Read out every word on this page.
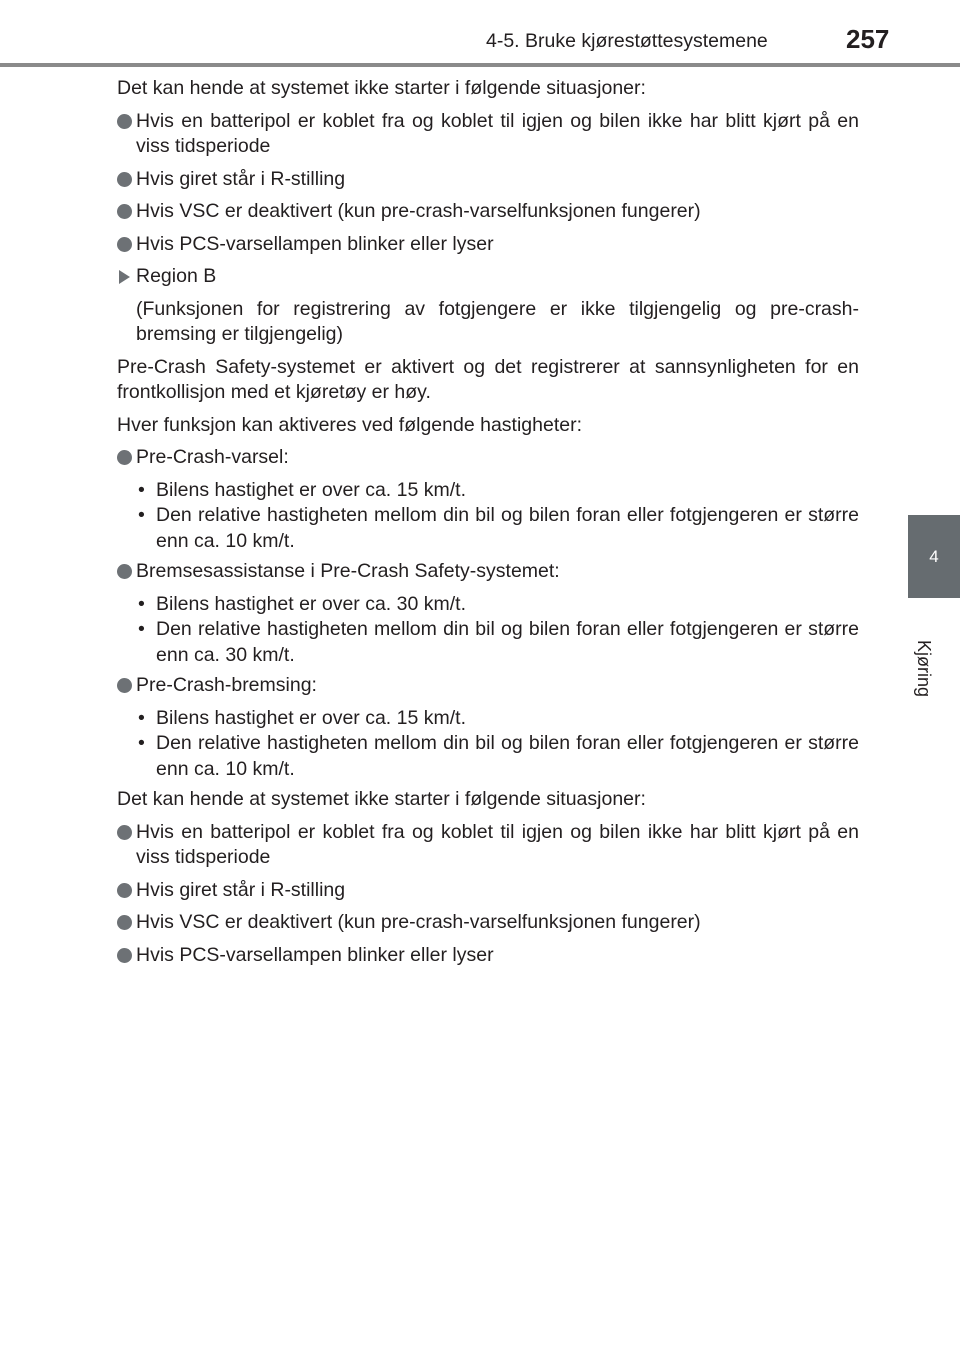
4-5. Bruke kjørestøttesystemene	257
4
Kjøring

Det kan hende at systemet ikke starter i følgende situasjoner:

Hvis en batteripol er koblet fra og koblet til igjen og bilen ikke har blitt kjørt på en viss tidsperiode
Hvis giret står i R-stilling
Hvis VSC er deaktivert (kun pre-crash-varselfunksjonen fungerer)
Hvis PCS-varsellampen blinker eller lyser
Region B

(Funksjonen for registrering av fotgjengere er ikke tilgjengelig og pre-crash-bremsing er tilgjengelig)

Pre-Crash Safety-systemet er aktivert og det registrerer at sannsynligheten for en frontkollisjon med et kjøretøy er høy.

Hver funksjon kan aktiveres ved følgende hastigheter:

Pre-Crash-varsel:
• Bilens hastighet er over ca. 15 km/t.
• Den relative hastigheten mellom din bil og bilen foran eller fotgjengeren er større enn ca. 10 km/t.
Bremsesassistanse i Pre-Crash Safety-systemet:
• Bilens hastighet er over ca. 30 km/t.
• Den relative hastigheten mellom din bil og bilen foran eller fotgjengeren er større enn ca. 30 km/t.
Pre-Crash-bremsing:
• Bilens hastighet er over ca. 15 km/t.
• Den relative hastigheten mellom din bil og bilen foran eller fotgjengeren er større enn ca. 10 km/t.

Det kan hende at systemet ikke starter i følgende situasjoner:

Hvis en batteripol er koblet fra og koblet til igjen og bilen ikke har blitt kjørt på en viss tidsperiode
Hvis giret står i R-stilling
Hvis VSC er deaktivert (kun pre-crash-varselfunksjonen fungerer)
Hvis PCS-varsellampen blinker eller lyser
